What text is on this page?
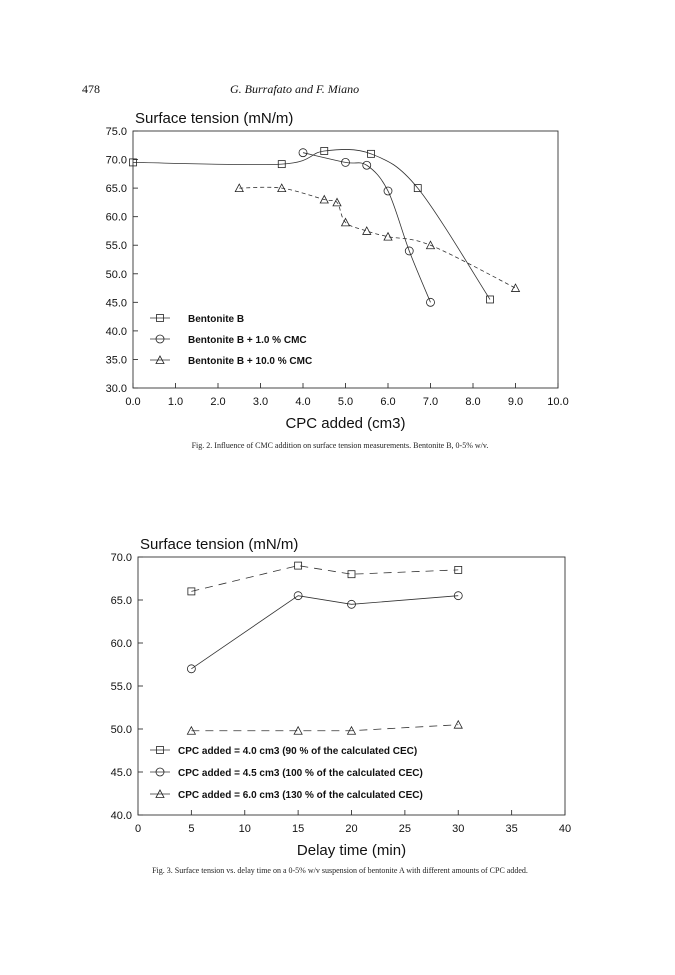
478	G. Burrafato and F. Miano
Surface tension (mN/m)
30.0
35.0
40.0
45.0
50.0
55.0
60.0
65.0
70.0
75.0
0.0 1.0 2.0 3.0 4.0 5.0 6.0 7.0 8.0 9.0 10.0
CPC added (cm3)
Bentonite B
Bentonite B + 1.0 % CMC
Bentonite B + 10.0 % CMC
Fig. 2. Influence of CMC addition on surface tension measurements. Bentonite B, 0-5% w/v.
Surface tension (mN/m)
40.0
45.0
50.0
55.0
60.0
65.0
70.0
0	5	10	15	20	25	30	35	40
Delay time (min)
CPC added = 4.0 cm3 (90 % of the calculated CEC)
CPC added = 4.5 cm3 (100 % of the calculated CEC)
CPC added = 6.0 cm3 (130 % of the calculated CEC)
Fig. 3. Surface tension vs. delay time on a 0-5% w/v suspension of bentonite A with different amounts of CPC added.
